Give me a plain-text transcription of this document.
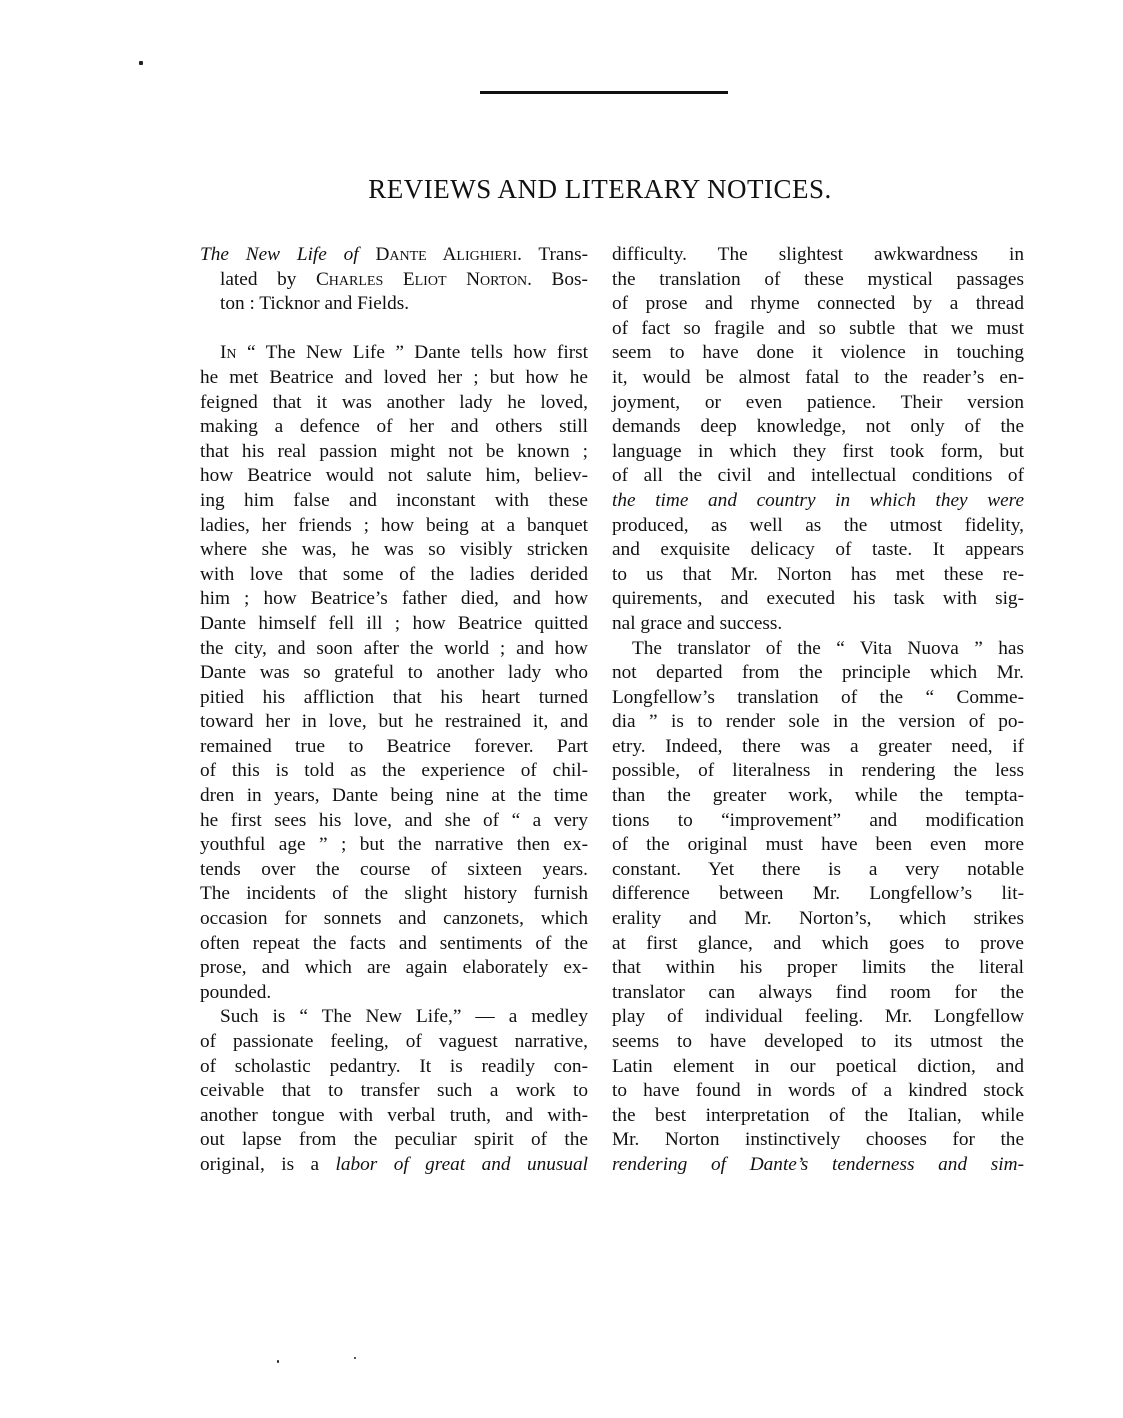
REVIEWS AND LITERARY NOTICES.
The New Life of Dante Alighieri. Trans-
lated by Charles Eliot Norton. Bos-
ton : Ticknor and Fields.
In “ The New Life ” Dante tells how first
he met Beatrice and loved her ; but how he
feigned that it was another lady he loved,
making a defence of her and others still
that his real passion might not be known ;
how Beatrice would not salute him, believ-
ing him false and inconstant with these
ladies, her friends ; how being at a banquet
where she was, he was so visibly stricken
with love that some of the ladies derided
him ; how Beatrice’s father died, and how
Dante himself fell ill ; how Beatrice quitted
the city, and soon after the world ; and how
Dante was so grateful to another lady who
pitied his affliction that his heart turned
toward her in love, but he restrained it, and
remained true to Beatrice forever. Part
of this is told as the experience of chil-
dren in years, Dante being nine at the time
he first sees his love, and she of “ a very
youthful age ” ; but the narrative then ex-
tends over the course of sixteen years.
The incidents of the slight history furnish
occasion for sonnets and canzonets, which
often repeat the facts and sentiments of the
prose, and which are again elaborately ex-
pounded.
Such is “ The New Life,” — a medley
of passionate feeling, of vaguest narrative,
of scholastic pedantry. It is readily con-
ceivable that to transfer such a work to
another tongue with verbal truth, and with-
out lapse from the peculiar spirit of the
original, is a labor of great and unusual
difficulty. The slightest awkwardness in
the translation of these mystical passages
of prose and rhyme connected by a thread
of fact so fragile and so subtle that we must
seem to have done it violence in touching
it, would be almost fatal to the reader’s en-
joyment, or even patience. Their version
demands deep knowledge, not only of the
language in which they first took form, but
of all the civil and intellectual conditions of
the time and country in which they were
produced, as well as the utmost fidelity,
and exquisite delicacy of taste. It appears
to us that Mr. Norton has met these re-
quirements, and executed his task with sig-
nal grace and success.
The translator of the “ Vita Nuova ” has
not departed from the principle which Mr.
Longfellow’s translation of the “ Comme-
dia ” is to render sole in the version of po-
etry. Indeed, there was a greater need, if
possible, of literalness in rendering the less
than the greater work, while the tempta-
tions to “improvement” and modification
of the original must have been even more
constant. Yet there is a very notable
difference between Mr. Longfellow’s lit-
erality and Mr. Norton’s, which strikes
at first glance, and which goes to prove
that within his proper limits the literal
translator can always find room for the
play of individual feeling. Mr. Longfellow
seems to have developed to its utmost the
Latin element in our poetical diction, and
to have found in words of a kindred stock
the best interpretation of the Italian, while
Mr. Norton instinctively chooses for the
rendering of Dante’s tenderness and sim-
